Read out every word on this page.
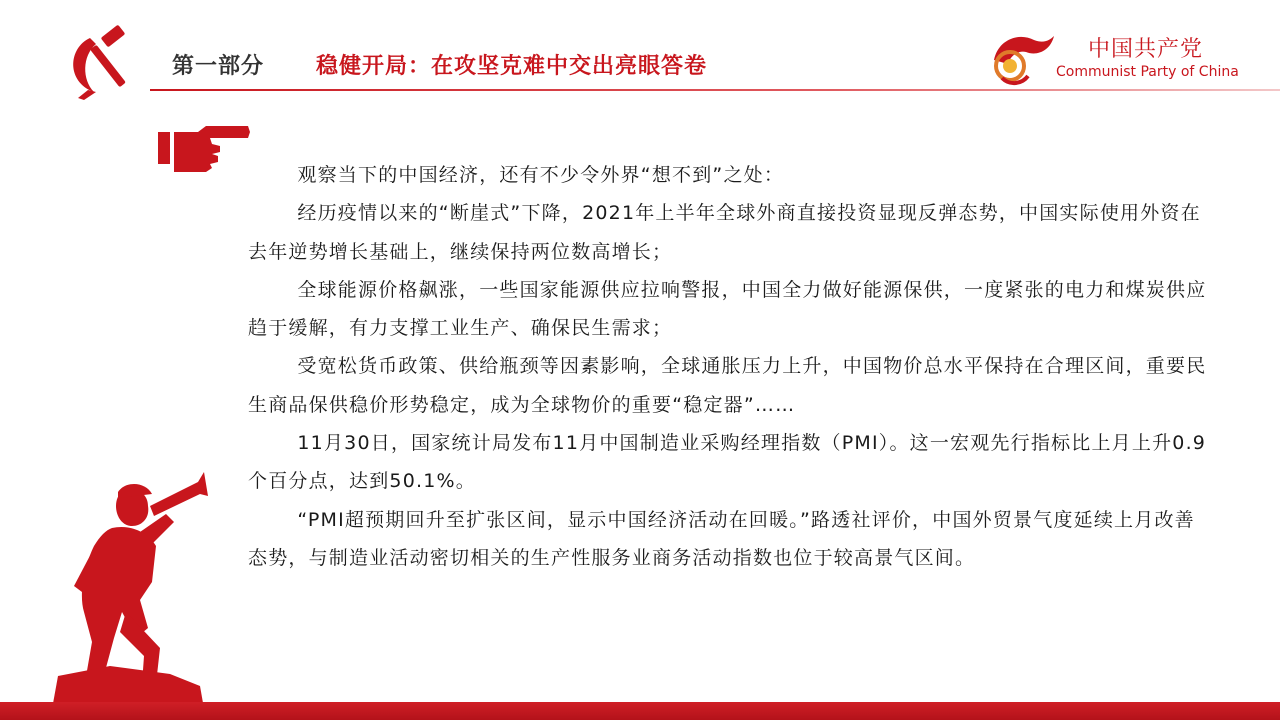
第一部分 稳健开局：在攻坚克难中交出亮眼答卷
中国共产党
Communist Party of China

观察当下的中国经济，还有不少令外界“想不到”之处：

经历疫情以来的“断崖式”下降，2021年上半年全球外商直接投资显现反弹态势，中国实际使用外资在去年逆势增长基础上，继续保持两位数高增长；

全球能源价格飙涨，一些国家能源供应拉响警报，中国全力做好能源保供，一度紧张的电力和煤炭供应趋于缓解，有力支撑工业生产、确保民生需求；

受宽松货币政策、供给瓶颈等因素影响，全球通胀压力上升，中国物价总水平保持在合理区间，重要民生商品保供稳价形势稳定，成为全球物价的重要“稳定器”……

11月30日，国家统计局发布11月中国制造业采购经理指数（PMI）。这一宏观先行指标比上月上升0.9个百分点，达到50.1%。

“PMI超预期回升至扩张区间，显示中国经济活动在回暖。”路透社评价，中国外贸景气度延续上月改善态势，与制造业活动密切相关的生产性服务业商务活动指数也位于较高景气区间。
